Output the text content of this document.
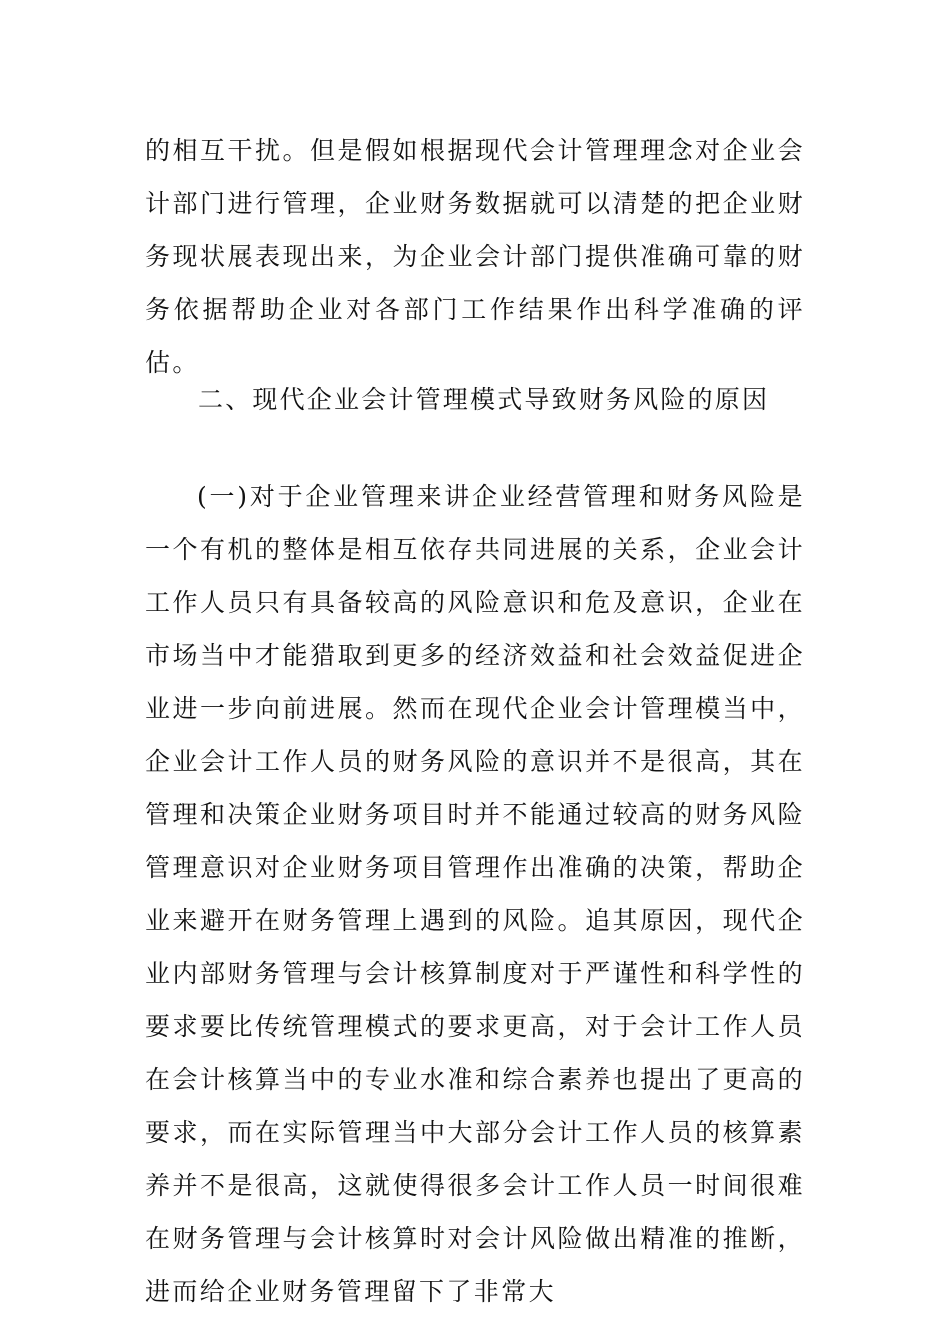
的相互干扰。但是假如根据现代会计管理理念对企业会计部门进行管理，企业财务数据就可以清楚的把企业财务现状展表现出来，为企业会计部门提供准确可靠的财务依据帮助企业对各部门工作结果作出科学准确的评估。

二、现代企业会计管理模式导致财务风险的原因

(一)对于企业管理来讲企业经营管理和财务风险是一个有机的整体是相互依存共同进展的关系，企业会计工作人员只有具备较高的风险意识和危及意识，企业在市场当中才能猎取到更多的经济效益和社会效益促进企业进一步向前进展。然而在现代企业会计管理模当中，企业会计工作人员的财务风险的意识并不是很高，其在管理和决策企业财务项目时并不能通过较高的财务风险管理意识对企业财务项目管理作出准确的决策，帮助企业来避开在财务管理上遇到的风险。追其原因，现代企业内部财务管理与会计核算制度对于严谨性和科学性的要求要比传统管理模式的要求更高，对于会计工作人员在会计核算当中的专业水准和综合素养也提出了更高的要求，而在实际管理当中大部分会计工作人员的核算素养并不是很高，这就使得很多会计工作人员一时间很难在财务管理与会计核算时对会计风险做出精准的推断，进而给企业财务管理留下了非常大
